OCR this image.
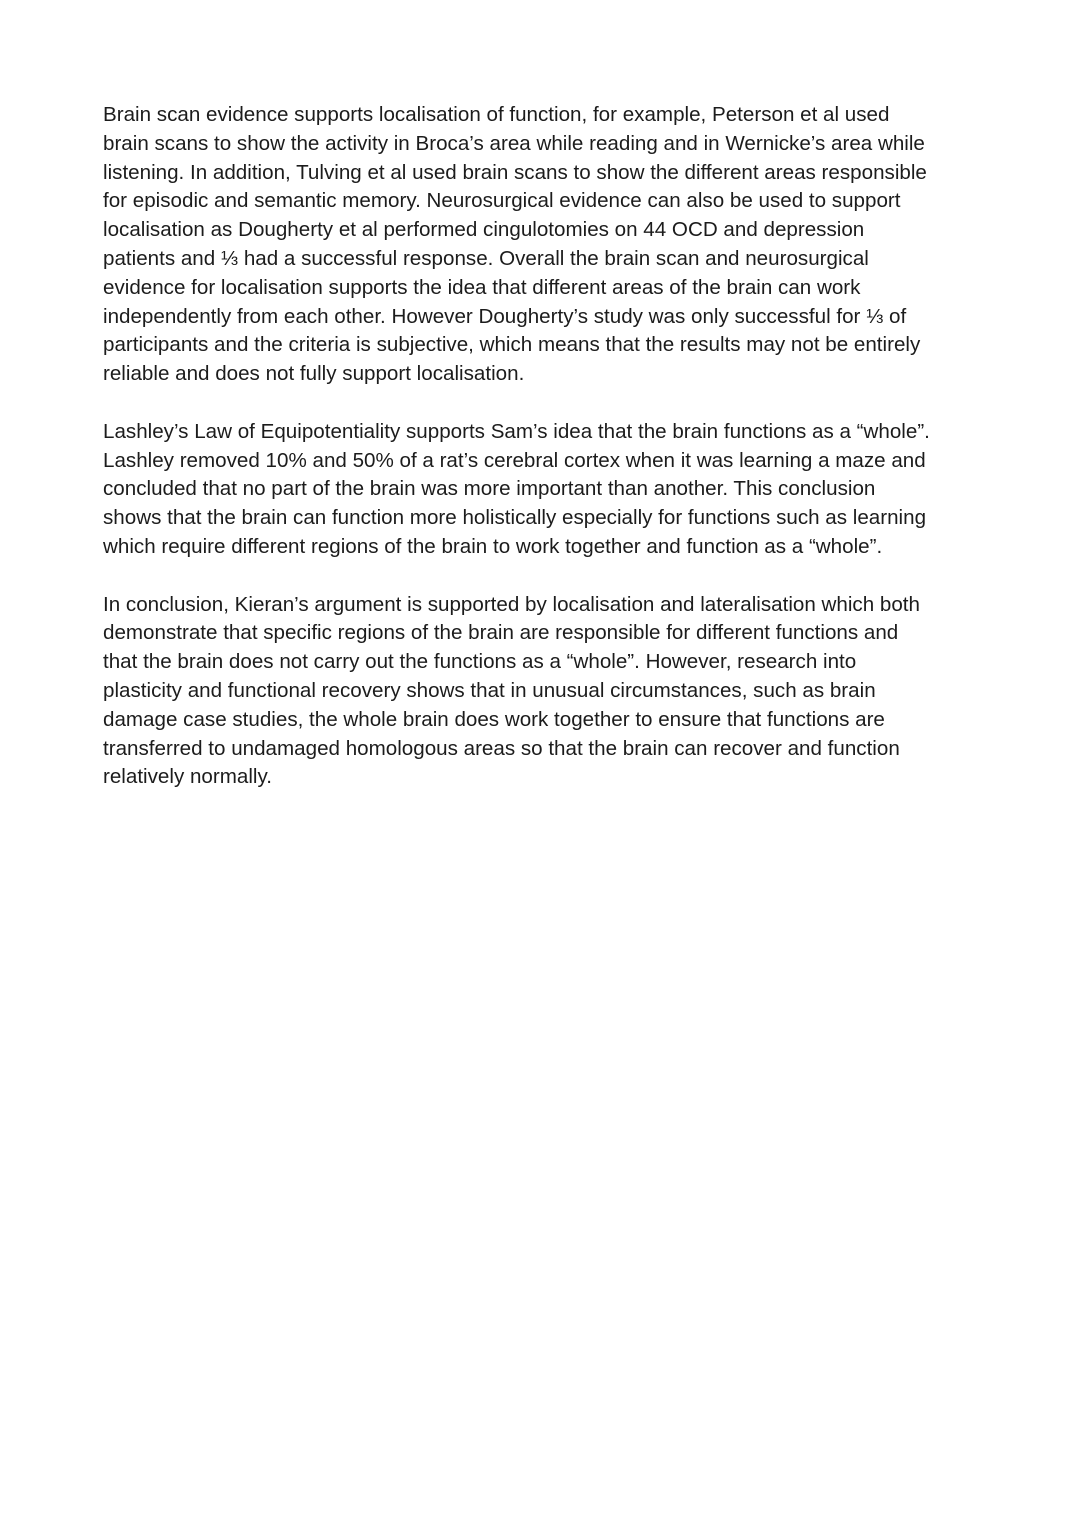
Brain scan evidence supports localisation of function, for example, Peterson et al used
brain scans to show the activity in Broca’s area while reading and in Wernicke’s area while
listening. In addition, Tulving et al used brain scans to show the different areas responsible
for episodic and semantic memory. Neurosurgical evidence can also be used to support
localisation as Dougherty et al performed cingulotomies on 44 OCD and depression
patients and ⅓ had a successful response. Overall the brain scan and neurosurgical
evidence for localisation supports the idea that different areas of the brain can work
independently from each other. However Dougherty’s study was only successful for ⅓ of
participants and the criteria is subjective, which means that the results may not be entirely
reliable and does not fully support localisation.

Lashley’s Law of Equipotentiality supports Sam’s idea that the brain functions as a “whole”.
Lashley removed 10% and 50% of a rat’s cerebral cortex when it was learning a maze and
concluded that no part of the brain was more important than another. This conclusion
shows that the brain can function more holistically especially for functions such as learning
which require different regions of the brain to work together and function as a “whole”.

In conclusion, Kieran’s argument is supported by localisation and lateralisation which both
demonstrate that specific regions of the brain are responsible for different functions and
that the brain does not carry out the functions as a “whole”. However, research into
plasticity and functional recovery shows that in unusual circumstances, such as brain
damage case studies, the whole brain does work together to ensure that functions are
transferred to undamaged homologous areas so that the brain can recover and function
relatively normally.
